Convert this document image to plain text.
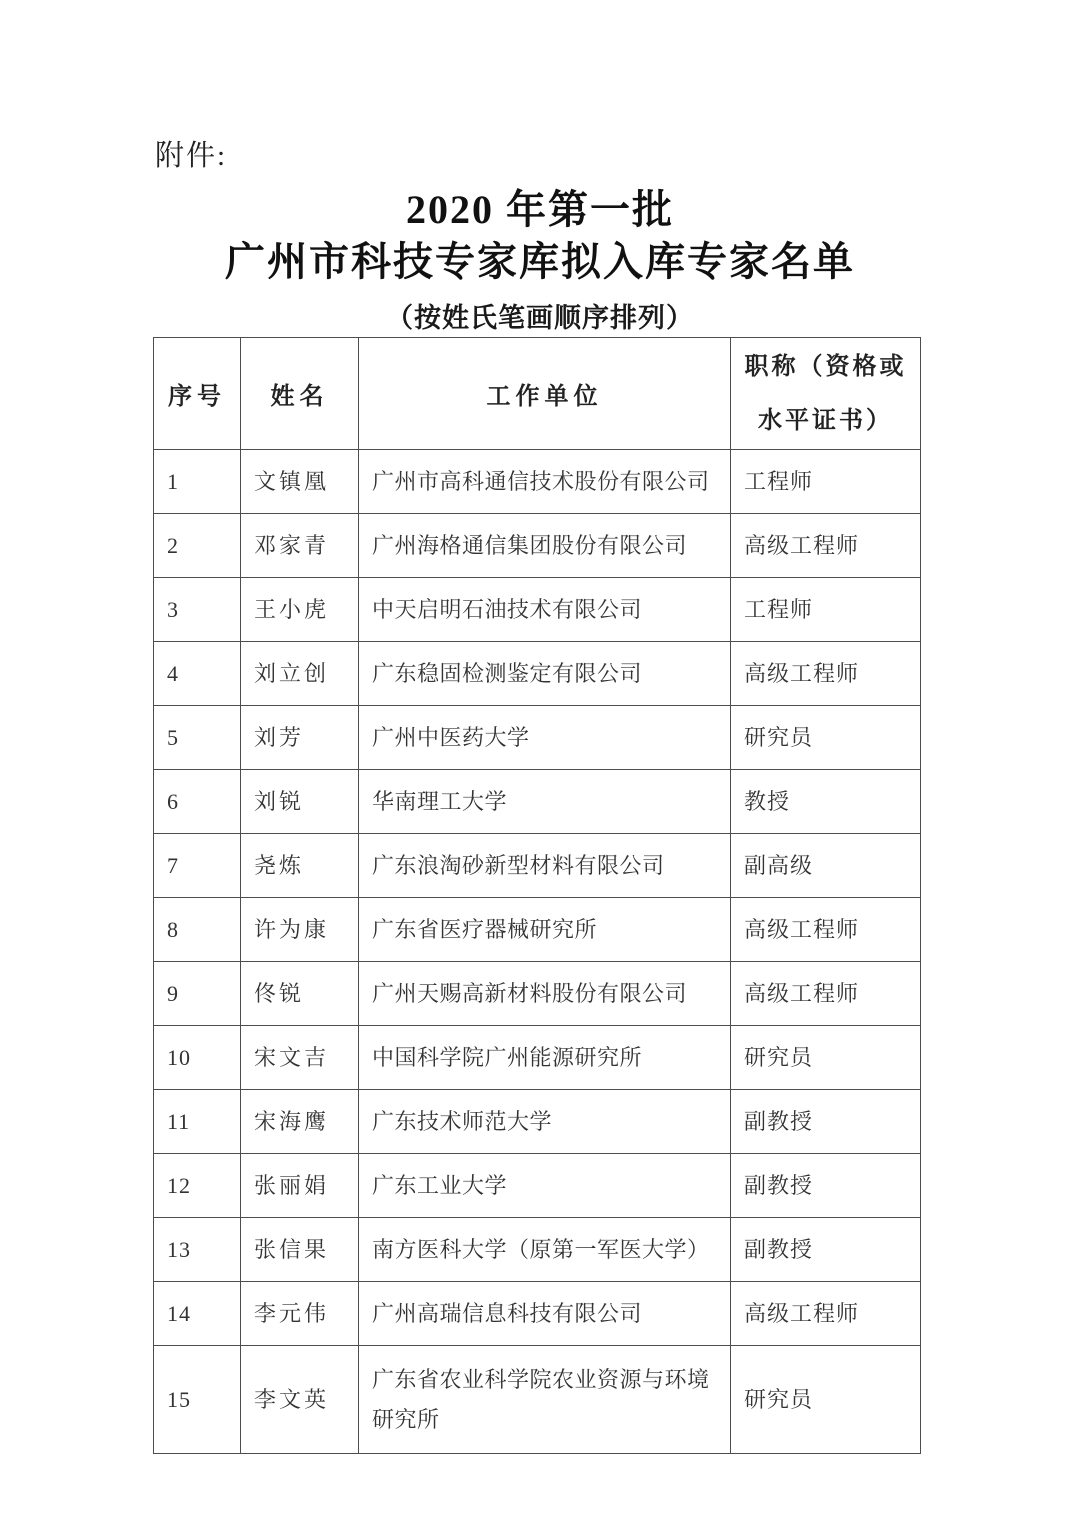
附件:
2020 年第一批
广州市科技专家库拟入库专家名单
（按姓氏笔画顺序排列）
序号	姓名	工作单位	职称（资格或
水平证书）
1	文镇凰	广州市高科通信技术股份有限公司	工程师
2	邓家青	广州海格通信集团股份有限公司	高级工程师
3	王小虎	中天启明石油技术有限公司	工程师
4	刘立创	广东稳固检测鉴定有限公司	高级工程师
5	刘芳	广州中医药大学	研究员
6	刘锐	华南理工大学	教授
7	尧炼	广东浪淘砂新型材料有限公司	副高级
8	许为康	广东省医疗器械研究所	高级工程师
9	佟锐	广州天赐高新材料股份有限公司	高级工程师
10	宋文吉	中国科学院广州能源研究所	研究员
11	宋海鹰	广东技术师范大学	副教授
12	张丽娟	广东工业大学	副教授
13	张信果	南方医科大学（原第一军医大学）	副教授
14	李元伟	广州高瑞信息科技有限公司	高级工程师
15	李文英	广东省农业科学院农业资源与环境研究所	研究员
